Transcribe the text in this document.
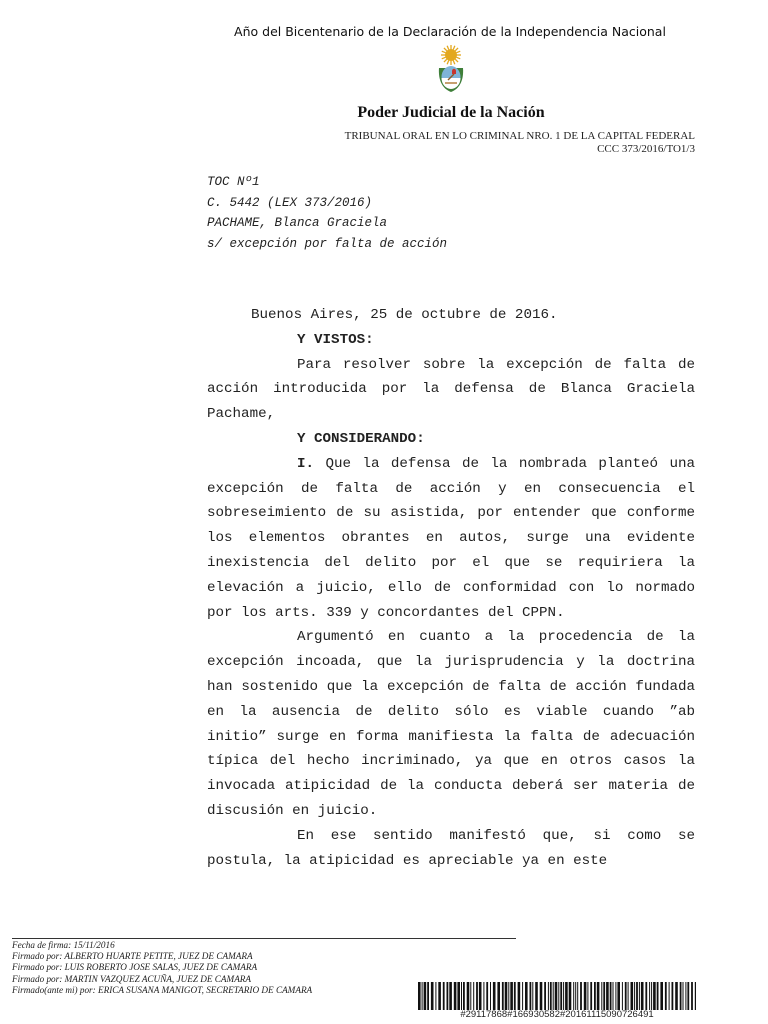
Año del Bicentenario de la Declaración de la Independencia Nacional
Poder Judicial de la Nación
TRIBUNAL ORAL EN LO CRIMINAL NRO. 1 DE LA CAPITAL FEDERAL
CCC 373/2016/TO1/3
TOC Nº1
C. 5442 (LEX 373/2016)
PACHAME, Blanca Graciela
s/ excepción por falta de acción

Buenos Aires, 25 de octubre de 2016.

Y VISTOS:

Para resolver sobre la excepción de falta de acción introducida por la defensa de Blanca Graciela Pachame,

Y CONSIDERANDO:

I. Que la defensa de la nombrada planteó una excepción de falta de acción y en consecuencia el sobreseimiento de su asistida, por entender que conforme los elementos obrantes en autos, surge una evidente inexistencia del delito por el que se requiriera la elevación a juicio, ello de conformidad con lo normado por los arts. 339 y concordantes del CPPN.

Argumentó en cuanto a la procedencia de la excepción incoada, que la jurisprudencia y la doctrina han sostenido que la excepción de falta de acción fundada en la ausencia de delito sólo es viable cuando ”ab initio” surge en forma manifiesta la falta de adecuación típica del hecho incriminado, ya que en otros casos la invocada atipicidad de la conducta deberá ser materia de discusión en juicio.

En ese sentido manifestó que, si como se postula, la atipicidad es apreciable ya en este

Fecha de firma: 15/11/2016
Firmado por: ALBERTO HUARTE PETITE, JUEZ DE CAMARA
Firmado por: LUIS ROBERTO JOSE SALAS, JUEZ DE CAMARA
Firmado por: MARTIN VAZQUEZ ACUÑA, JUEZ DE CAMARA
Firmado(ante mi) por: ERICA SUSANA MANIGOT, SECRETARIO DE CAMARA
#29117868#166930582#20161115090726491
